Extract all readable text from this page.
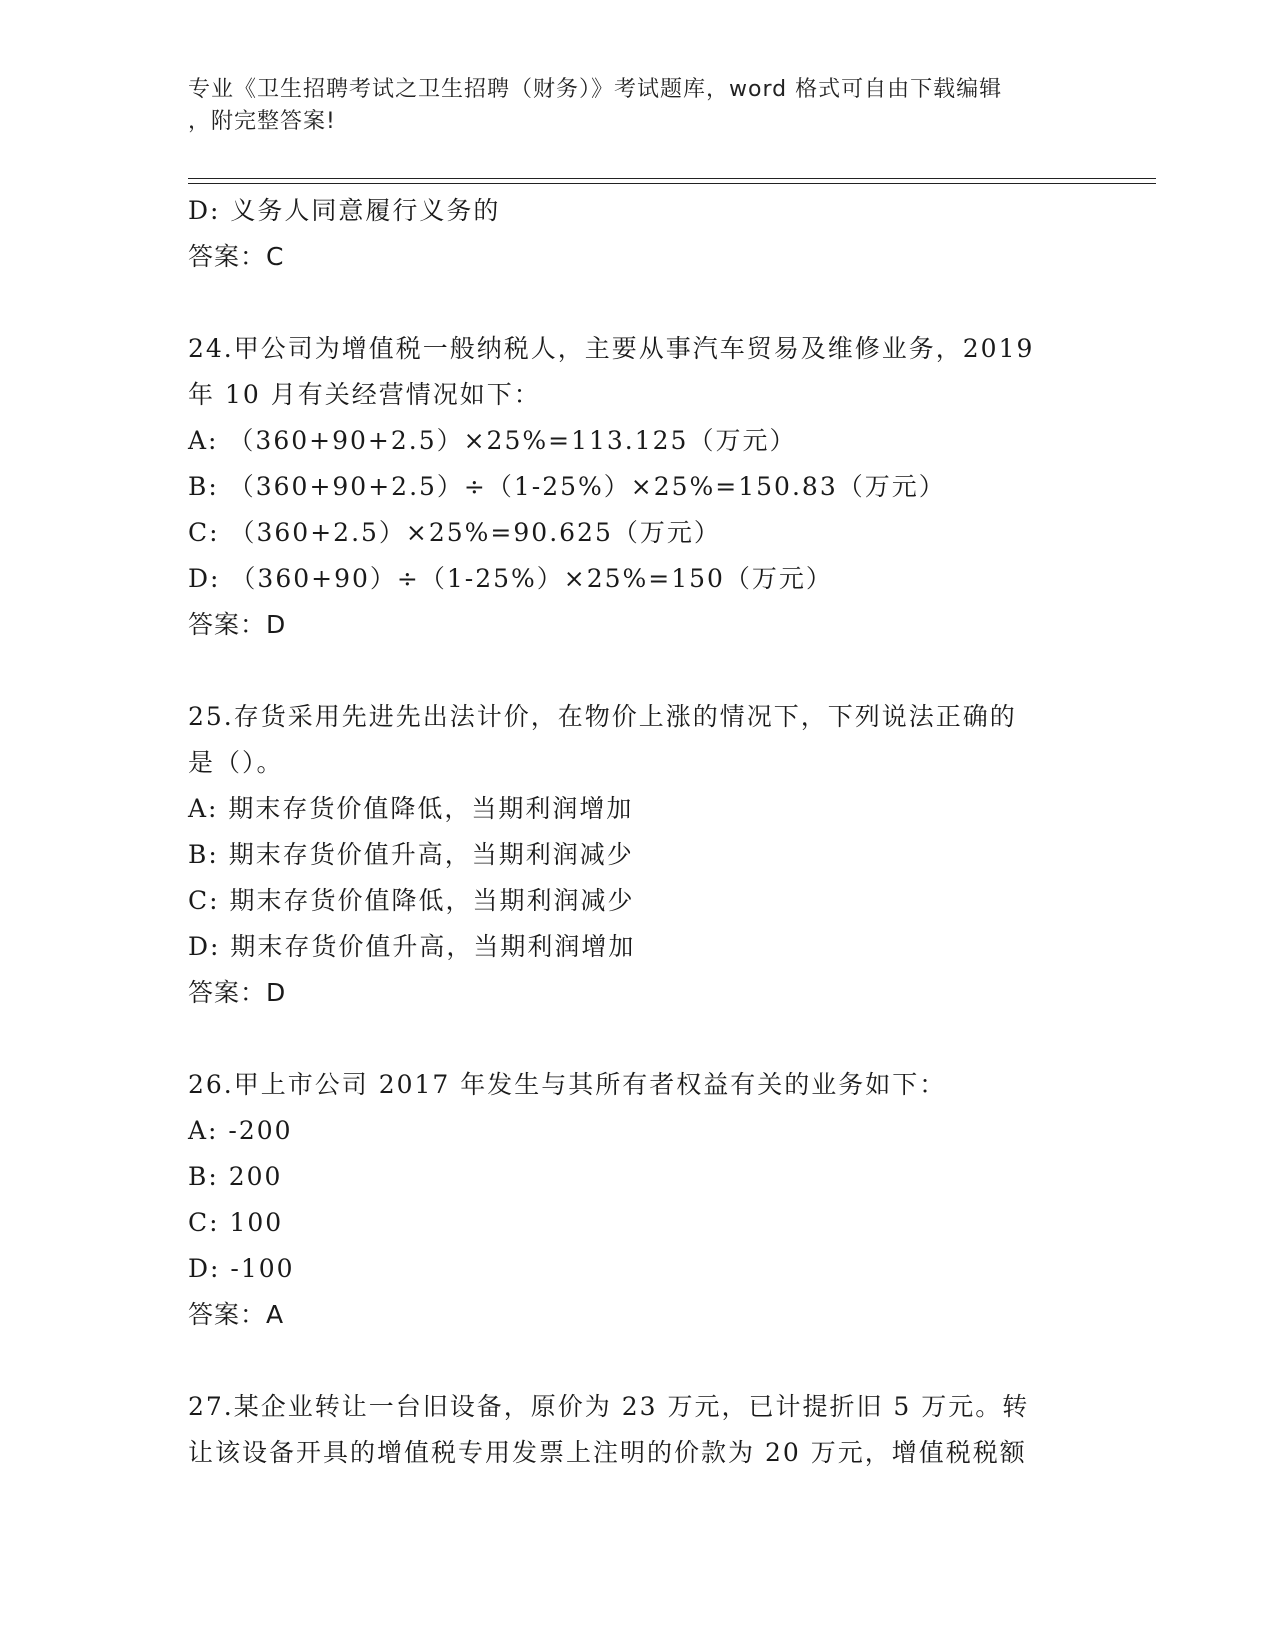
专业《卫生招聘考试之卫生招聘（财务）》考试题库，word 格式可自由下载编辑
，附完整答案!
D: 义务人同意履行义务的
答案：C
24.甲公司为增值税一般纳税人，主要从事汽车贸易及维修业务，2019
年 10 月有关经营情况如下：
A: （360+90+2.5）×25%=113.125（万元）
B: （360+90+2.5）÷（1-25%）×25%=150.83（万元）
C: （360+2.5）×25%=90.625（万元）
D: （360+90）÷（1-25%）×25%=150（万元）
答案：D
25.存货采用先进先出法计价，在物价上涨的情况下，下列说法正确的
是（）。
A: 期末存货价值降低，当期利润增加
B: 期末存货价值升高，当期利润减少
C: 期末存货价值降低，当期利润减少
D: 期末存货价值升高，当期利润增加
答案：D
26.甲上市公司 2017 年发生与其所有者权益有关的业务如下：
A: -200
B: 200
C: 100
D: -100
答案：A
27.某企业转让一台旧设备，原价为 23 万元，已计提折旧 5 万元。转
让该设备开具的增值税专用发票上注明的价款为 20 万元，增值税税额
